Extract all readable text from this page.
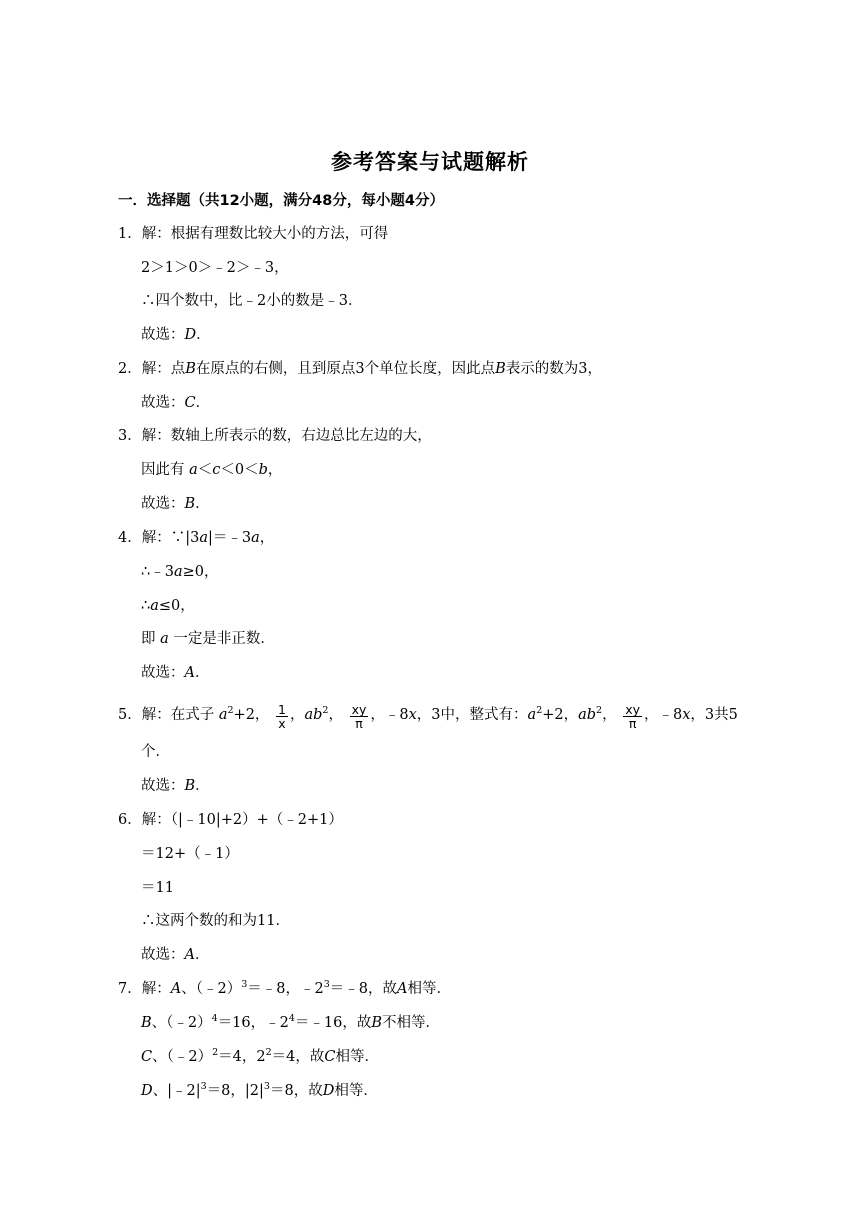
参考答案与试题解析
一．选择题（共12小题，满分48分，每小题4分）
1．解：根据有理数比较大小的方法，可得
2＞1＞0＞﹣2＞﹣3，
∴四个数中，比﹣2小的数是﹣3．
故选：D．
2．解：点B在原点的右侧，且到原点3个单位长度，因此点B表示的数为3，
故选：C．
3．解：数轴上所表示的数，右边总比左边的大，
因此有 a＜c＜0＜b，
故选：B．
4．解：∵|3a|＝﹣3a，
∴﹣3a≥0，
∴a≤0，
即 a 一定是非正数．
故选：A．
5．解：在式子 $a^2+2$， $\frac{1}{x}$ ，$ab^2$， $\frac{xy}{\pi}$ ，﹣8x，3中，整式有：$a^2+2$，$ab^2$， $\frac{xy}{\pi}$ ，﹣8x，3共5
个．
故选：B．
6．解：（|﹣10|+2）+（﹣2+1）
＝12+（﹣1）
＝11
∴这两个数的和为11．
故选：A．
7．解：A、（﹣2）$^3$＝﹣8，$﹣2^3=﹣8$，故A相等．
B、（﹣2）$^4$＝16，$﹣2^4=﹣16$，故B不相等．
C、（﹣2）$^2$＝4，$2^2=4$，故C相等．
D、$|﹣2|^3=8$，$|2|^3=8$，故D相等．
